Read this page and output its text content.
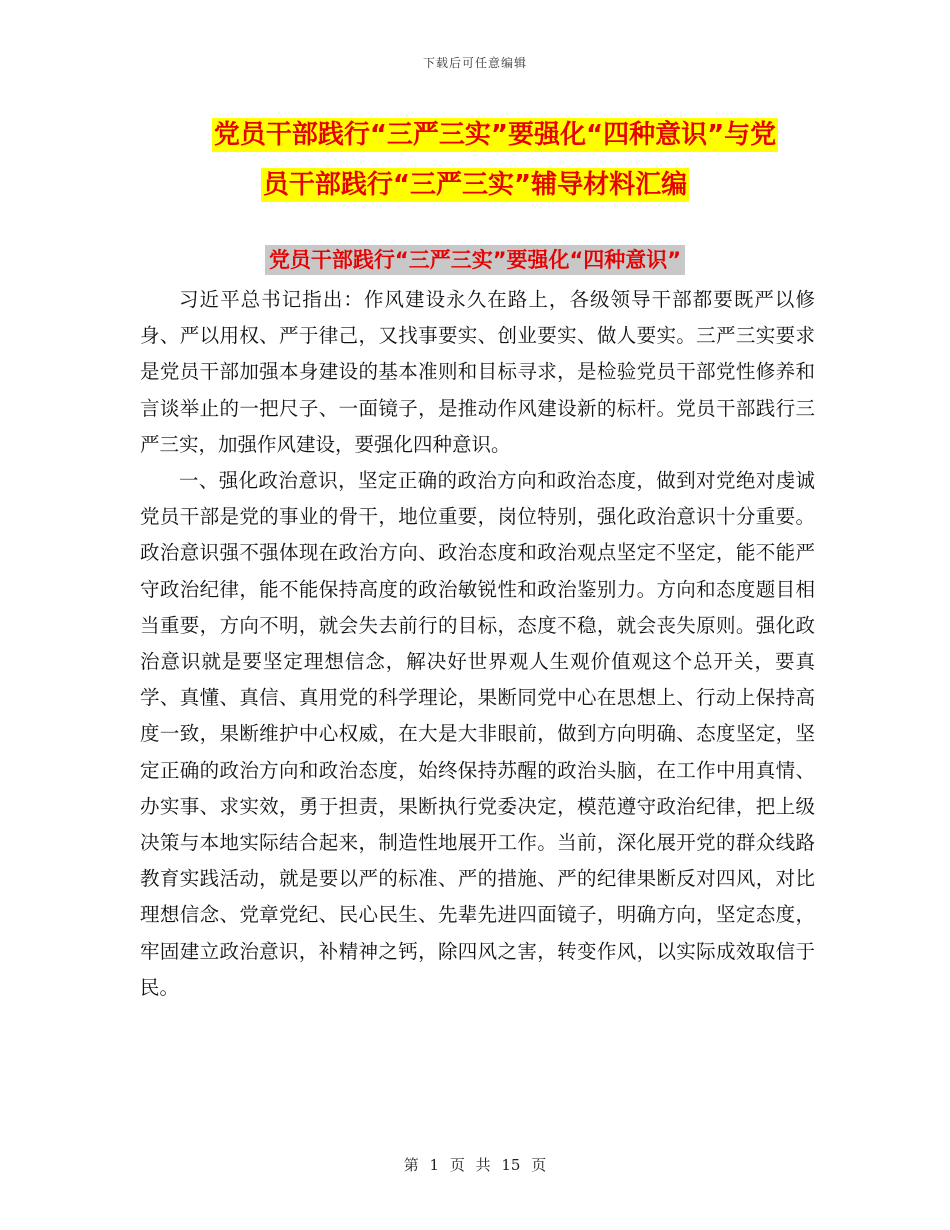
下载后可任意编辑
党员干部践行“三严三实”要强化“四种意识”与党
员干部践行“三严三实”辅导材料汇编
党员干部践行“三严三实”要强化“四种意识”

习近平总书记指出：作风建设永久在路上，各级领导干部都要既严以修身、严以用权、严于律己，又找事要实、创业要实、做人要实。三严三实要求是党员干部加强本身建设的基本准则和目标寻求，是检验党员干部党性修养和言谈举止的一把尺子、一面镜子，是推动作风建设新的标杆。党员干部践行三严三实，加强作风建设，要强化四种意识。

一、强化政治意识，坚定正确的政治方向和政治态度，做到对党绝对虔诚党员干部是党的事业的骨干，地位重要，岗位特别，强化政治意识十分重要。政治意识强不强体现在政治方向、政治态度和政治观点坚定不坚定，能不能严守政治纪律，能不能保持高度的政治敏锐性和政治鉴别力。方向和态度题目相当重要，方向不明，就会失去前行的目标，态度不稳，就会丧失原则。强化政治意识就是要坚定理想信念，解决好世界观人生观价值观这个总开关，要真学、真懂、真信、真用党的科学理论，果断同党中心在思想上、行动上保持高度一致，果断维护中心权威，在大是大非眼前，做到方向明确、态度坚定，坚定正确的政治方向和政治态度，始终保持苏醒的政治头脑，在工作中用真情、办实事、求实效，勇于担责，果断执行党委决定，模范遵守政治纪律，把上级决策与本地实际结合起来，制造性地展开工作。当前，深化展开党的群众线路教育实践活动，就是要以严的标准、严的措施、严的纪律果断反对四风，对比理想信念、党章党纪、民心民生、先辈先进四面镜子，明确方向，坚定态度，牢固建立政治意识，补精神之钙，除四风之害，转变作风，以实际成效取信于民。

第 1 页 共 15 页
